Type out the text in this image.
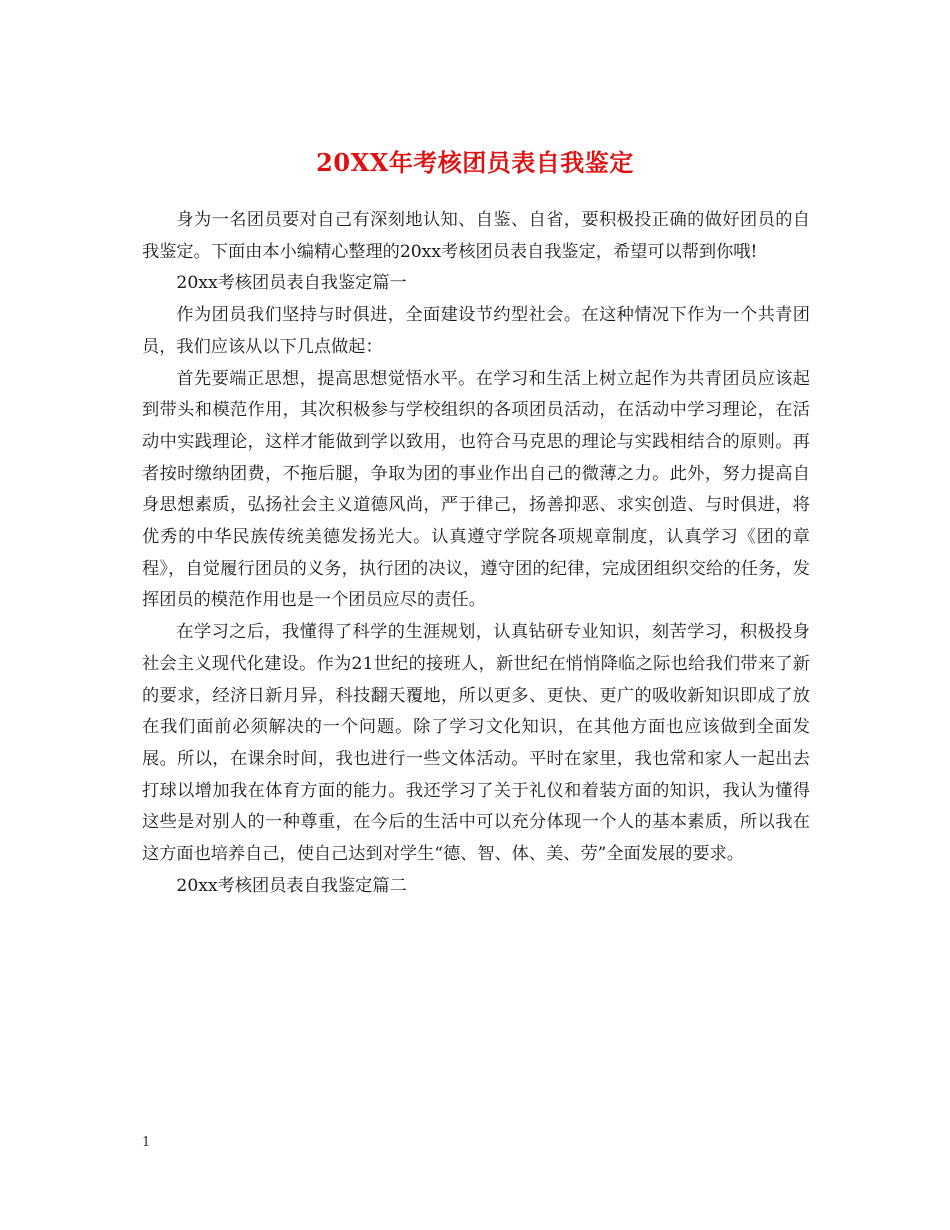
20XX年考核团员表自我鉴定

身为一名团员要对自己有深刻地认知、自鉴、自省，要积极投正确的做好团员的自我鉴定。下面由本小编精心整理的20xx考核团员表自我鉴定，希望可以帮到你哦!

20xx考核团员表自我鉴定篇一

作为团员我们坚持与时俱进，全面建设节约型社会。在这种情况下作为一个共青团员，我们应该从以下几点做起：

首先要端正思想，提高思想觉悟水平。在学习和生活上树立起作为共青团员应该起到带头和模范作用，其次积极参与学校组织的各项团员活动，在活动中学习理论，在活动中实践理论，这样才能做到学以致用，也符合马克思的理论与实践相结合的原则。再者按时缴纳团费，不拖后腿，争取为团的事业作出自己的微薄之力。此外，努力提高自身思想素质，弘扬社会主义道德风尚，严于律己，扬善抑恶、求实创造、与时俱进，将优秀的中华民族传统美德发扬光大。认真遵守学院各项规章制度，认真学习《团的章程》，自觉履行团员的义务，执行团的决议，遵守团的纪律，完成团组织交给的任务，发挥团员的模范作用也是一个团员应尽的责任。

在学习之后，我懂得了科学的生涯规划，认真钻研专业知识，刻苦学习，积极投身社会主义现代化建设。作为21世纪的接班人，新世纪在悄悄降临之际也给我们带来了新的要求，经济日新月异，科技翻天覆地，所以更多、更快、更广的吸收新知识即成了放在我们面前必须解决的一个问题。除了学习文化知识，在其他方面也应该做到全面发展。所以，在课余时间，我也进行一些文体活动。平时在家里，我也常和家人一起出去打球以增加我在体育方面的能力。我还学习了关于礼仪和着装方面的知识，我认为懂得这些是对别人的一种尊重，在今后的生活中可以充分体现一个人的基本素质，所以我在这方面也培养自己，使自己达到对学生“德、智、体、美、劳”全面发展的要求。

20xx考核团员表自我鉴定篇二

1
